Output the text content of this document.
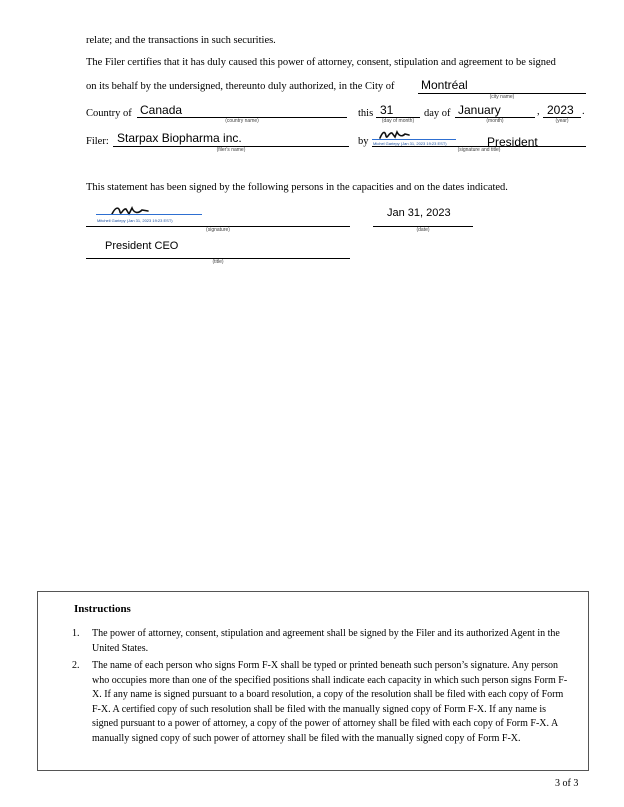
relate; and the transactions in such securities.
The Filer certifies that it has duly caused this power of attorney, consent, stipulation and agreement to be signed
on its behalf by the undersigned, thereunto duly authorized, in the City of Montréal
(city name)
Country of Canada
(country name)
this 31
(day of month)
day of January
(month)
, 2023
(year)
.
Filer: Starpax Biopharma inc.
(filer's name)
by Michel Gariepy (Jan 31, 2023 19:23 EST)	President
(signature and title)
This statement has been signed by the following persons in the capacities and on the dates indicated.
Mitchell Gariepy (Jan 31, 2023 19:23 EST)
(signature)
Jan 31, 2023
(date)
President CEO
(title)
Instructions
1. The power of attorney, consent, stipulation and agreement shall be signed by the Filer and its authorized Agent in the United States.
2. The name of each person who signs Form F-X shall be typed or printed beneath such person’s signature. Any person who occupies more than one of the specified positions shall indicate each capacity in which such person signs Form F-X. If any name is signed pursuant to a board resolution, a copy of the resolution shall be filed with each copy of Form F-X. A certified copy of such resolution shall be filed with the manually signed copy of Form F-X. If any name is signed pursuant to a power of attorney, a copy of the power of attorney shall be filed with each copy of Form F-X. A manually signed copy of such power of attorney shall be filed with the manually signed copy of Form F-X.
3 of 3
